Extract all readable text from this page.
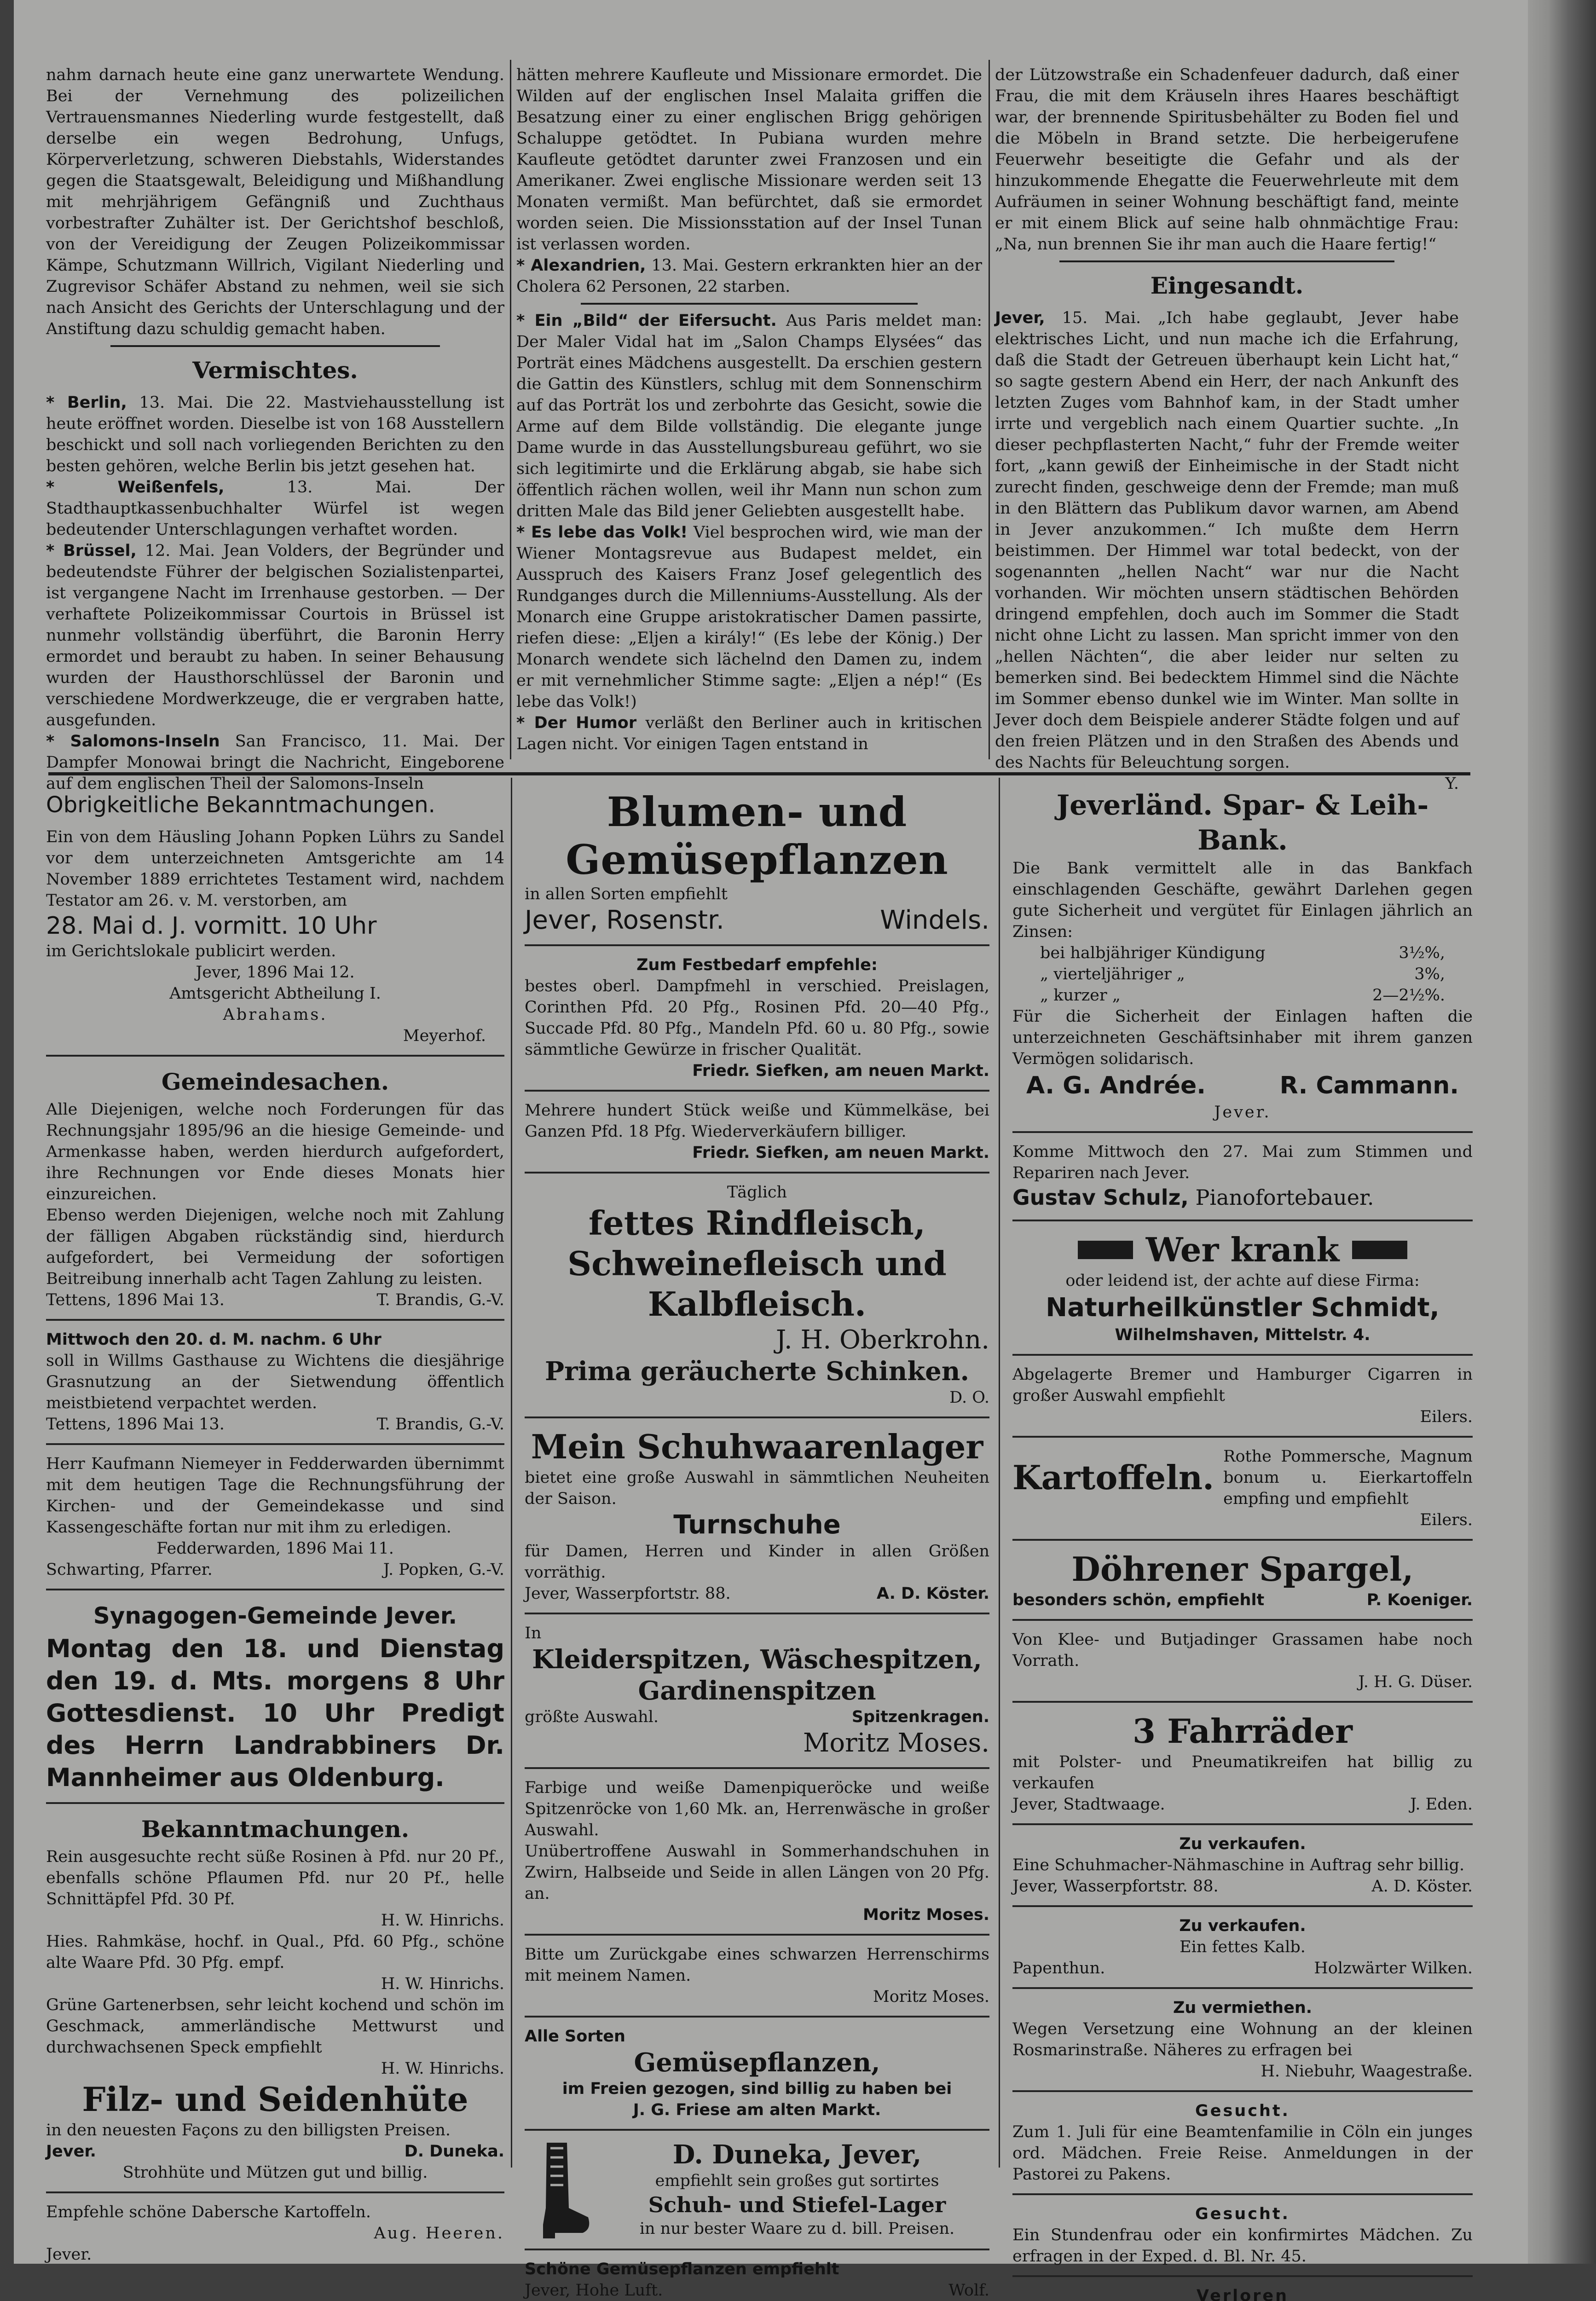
nahm darnach heute eine ganz unerwartete Wendung. Bei der Vernehmung des polizeilichen Vertrauensmannes Niederling wurde festgestellt, daß derselbe ein wegen Bedrohung, Unfugs, Körperverletzung, schweren Diebstahls, Widerstandes gegen die Staatsgewalt, Beleidigung und Mißhandlung mit mehrjährigem Gefängniß und Zuchthaus vorbestrafter Zuhälter ist. Der Gerichtshof beschloß, von der Vereidigung der Zeugen Polizeikommissar Kämpe, Schutzmann Willrich, Vigilant Niederling und Zugrevisor Schäfer Abstand zu nehmen, weil sie sich nach Ansicht des Gerichts der Unterschlagung und der Anstiftung dazu schuldig gemacht haben.

Vermischtes.

* Berlin, 13. Mai. Die 22. Mastviehausstellung ist heute eröffnet worden. Dieselbe ist von 168 Ausstellern beschickt und soll nach vorliegenden Berichten zu den besten gehören, welche Berlin bis jetzt gesehen hat.

* Weißenfels,	13. Mai. Der Stadthauptkassenbuchhalter Würfel ist wegen bedeutender Unterschlagungen verhaftet worden.

* Brüssel, 12. Mai. Jean Volders, der Begründer und bedeutendste Führer der belgischen Sozialistenpartei, ist vergangene Nacht im Irrenhause gestorben. — Der verhaftete Polizeikommissar Courtois in Brüssel ist nunmehr vollständig überführt, die Baronin Herry ermordet und beraubt zu haben. In seiner Behausung wurden der Hausthorschlüssel der Baronin und verschiedene Mordwerkzeuge, die er vergraben hatte, ausgefunden.

* Salomons-Inseln San Francisco, 11. Mai. Der Dampfer Monowai bringt die Nachricht, Eingeborene auf dem englischen Theil der Salomons-Inseln

hätten mehrere Kaufleute und Missionare ermordet. Die Wilden auf der englischen Insel Malaita griffen die Besatzung einer zu einer englischen Brigg gehörigen Schaluppe getödtet. In Pubiana wurden mehre Kaufleute getödtet darunter zwei Franzosen und ein Amerikaner. Zwei englische Missionare werden seit 13 Monaten vermißt. Man befürchtet, daß sie ermordet worden seien. Die Missionsstation auf der Insel Tunan ist verlassen worden.

* Alexandrien, 13. Mai. Gestern erkrankten hier an der Cholera 62 Personen, 22 starben.

* Ein „Bild“ der Eifersucht. Aus Paris meldet man: Der Maler Vidal hat im „Salon Champs Elysées“ das Porträt eines Mädchens ausgestellt. Da erschien gestern die Gattin des Künstlers, schlug mit dem Sonnenschirm auf das Porträt los und zerbohrte das Gesicht, sowie die Arme auf dem Bilde vollständig. Die elegante junge Dame wurde in das Ausstellungsbureau geführt, wo sie sich legitimirte und die Erklärung abgab, sie habe sich öffentlich rächen wollen, weil ihr Mann nun schon zum dritten Male das Bild jener Geliebten ausgestellt habe.

* Es lebe das Volk! Viel besprochen wird, wie man der Wiener Montagsrevue aus Budapest meldet, ein Ausspruch des Kaisers Franz Josef gelegentlich des Rundganges durch die Millenniums-Ausstellung. Als der Monarch eine Gruppe aristokratischer Damen passirte, riefen diese: „Eljen a király!“ (Es lebe der König.) Der Monarch wendete sich lächelnd den Damen zu, indem er mit vernehmlicher Stimme sagte: „Eljen a nép!“ (Es lebe das Volk!)

* Der Humor verläßt den Berliner auch in kritischen Lagen nicht. Vor einigen Tagen entstand in

der Lützowstraße ein Schadenfeuer dadurch, daß einer Frau, die mit dem Kräuseln ihres Haares beschäftigt war, der brennende Spiritusbehälter zu Boden fiel und die Möbeln in Brand setzte. Die herbeigerufene Feuerwehr beseitigte die Gefahr und als der hinzukommende Ehegatte die Feuerwehrleute mit dem Aufräumen in seiner Wohnung beschäftigt fand, meinte er mit einem Blick auf seine halb ohnmächtige Frau: „Na, nun brennen Sie ihr man auch die Haare fertig!“

Eingesandt.

Jever, 15. Mai. „Ich habe geglaubt, Jever habe elektrisches Licht, und nun mache ich die Erfahrung, daß die Stadt der Getreuen überhaupt kein Licht hat,“ so sagte gestern Abend ein Herr, der nach Ankunft des letzten Zuges vom Bahnhof kam, in der Stadt umher irrte und vergeblich nach einem Quartier suchte. „In dieser pechpflasterten Nacht,“ fuhr der Fremde weiter fort, „kann gewiß der Einheimische in der Stadt nicht zurecht finden, geschweige denn der Fremde; man muß in den Blättern das Publikum davor warnen, am Abend in Jever anzukommen.“ Ich mußte dem Herrn beistimmen. Der Himmel war total bedeckt, von der sogenannten „hellen Nacht“ war nur die Nacht vorhanden. Wir möchten unsern städtischen Behörden dringend empfehlen, doch auch im Sommer die Stadt nicht ohne Licht zu lassen. Man spricht immer von den „hellen Nächten“, die aber leider nur selten zu bemerken sind. Bei bedecktem Himmel sind die Nächte im Sommer ebenso dunkel wie im Winter. Man sollte in Jever doch dem Beispiele anderer Städte folgen und auf den freien Plätzen und in den Straßen des Abends und des Nachts für Beleuchtung sorgen.

Y.

Obrigkeitliche Bekanntmachungen.

Ein von dem Häusling Johann Popken Lührs zu Sandel vor dem unterzeichneten Amtsgerichte am 14 November 1889 errichtetes Testament wird, nachdem Testator am 26. v. M. verstorben, am

28. Mai d. J. vormitt. 10 Uhr

im Gerichtslokale publicirt werden.

Jever, 1896 Mai 12.

Amtsgericht Abtheilung I.

Abrahams.

Meyerhof.

Gemeindesachen.

Alle Diejenigen, welche noch Forderungen für das Rechnungsjahr 1895/96 an die hiesige Gemeinde- und Armenkasse haben, werden hierdurch aufgefordert, ihre Rechnungen vor Ende dieses Monats hier einzureichen.

Ebenso werden Diejenigen, welche noch mit Zahlung der fälligen Abgaben rückständig sind, hierdurch aufgefordert, bei Vermeidung der sofortigen Beitreibung innerhalb acht Tagen Zahlung zu leisten.

Tettens, 1896 Mai 13.	T. Brandis, G.-V.

Mittwoch den 20. d. M. nachm. 6 Uhr

soll in Willms Gasthause zu Wichtens die diesjährige Grasnutzung an der Sietwendung öffentlich meistbietend verpachtet werden.

Tettens, 1896 Mai 13.	T. Brandis, G.-V.

Herr Kaufmann Niemeyer in Fedderwarden übernimmt mit dem heutigen Tage die Rechnungsführung der Kirchen- und der Gemeindekasse und sind Kassengeschäfte fortan nur mit ihm zu erledigen.

Fedderwarden, 1896 Mai 11.

Schwarting, Pfarrer.	J. Popken, G.-V.
Synagogen-Gemeinde Jever.

Montag den 18. und Dienstag den 19. d. Mts. morgens 8 Uhr Gottesdienst. 10 Uhr Predigt des Herrn Landrabbiners Dr. Mannheimer aus Oldenburg.

Bekanntmachungen.

Rein ausgesuchte recht süße Rosinen à Pfd. nur 20 Pf., ebenfalls schöne Pflaumen Pfd. nur 20 Pf., helle Schnittäpfel Pfd. 30 Pf.

H. W. Hinrichs.

Hies. Rahmkäse, hochf. in Qual., Pfd. 60 Pfg., schöne alte Waare Pfd. 30 Pfg. empf.

H. W. Hinrichs.

Grüne Gartenerbsen, sehr leicht kochend und schön im Geschmack, ammerländische Mettwurst und durchwachsenen Speck empfiehlt

H. W. Hinrichs.

Filz- und Seidenhüte

in den neuesten Façons zu den billigsten Preisen.

Jever.	D. Duneka.

Strohhüte und Mützen gut und billig.

Empfehle schöne Dabersche Kartoffeln.

Aug. Heeren.

Jever.

Blumen- und
Gemüsepflanzen

in allen Sorten empfiehlt

Jever, Rosenstr.	Windels.

Zum Festbedarf empfehle:

bestes oberl. Dampfmehl in verschied. Preislagen, Corinthen Pfd. 20 Pfg., Rosinen Pfd. 20—40 Pfg., Succade Pfd. 80 Pfg., Mandeln Pfd. 60 u. 80 Pfg., sowie sämmtliche Gewürze in frischer Qualität.

Friedr. Siefken, am neuen Markt.

Mehrere hundert Stück weiße und Kümmelkäse, bei Ganzen Pfd. 18 Pfg. Wiederverkäufern billiger.

Friedr. Siefken, am neuen Markt.

Täglich

fettes Rindfleisch,
Schweinefleisch und
Kalbfleisch.

J. H. Oberkrohn.

Prima geräucherte Schinken.

D. O.

Mein Schuhwaarenlager

bietet eine große Auswahl in sämmtlichen Neuheiten der Saison.

Turnschuhe

für Damen, Herren und Kinder in allen Größen vorräthig.

Jever, Wasserpfortstr. 88.	A. D. Köster.

In

Kleiderspitzen, Wäschespitzen,
Gardinenspitzen
größte Auswahl.	Spitzenkragen.

Moritz Moses.

Farbige und weiße Damenpiqueröcke und weiße Spitzenröcke von 1,60 Mk. an, Herrenwäsche in großer Auswahl.

Unübertroffene Auswahl in Sommerhandschuhen in Zwirn, Halbseide und Seide in allen Längen von 20 Pfg. an.

Moritz Moses.

Bitte um Zurückgabe eines schwarzen Herrenschirms mit meinem Namen.

Moritz Moses.

Alle Sorten

Gemüsepflanzen,

im Freien gezogen, sind billig zu haben bei

J. G. Friese am alten Markt.

D. Duneka, Jever,

empfiehlt sein großes gut sortirtes

Schuh- und Stiefel-Lager

in nur bester Waare zu d. bill. Preisen.

Schöne Gemüsepflanzen empfiehlt

Jever, Hohe Luft.	Wolf.
Jeverländ. Spar- & Leih-Bank.

Die Bank vermittelt alle in das Bankfach einschlagenden Geschäfte, gewährt Darlehen gegen gute Sicherheit und vergütet für Einlagen jährlich an Zinsen:

bei halbjähriger Kündigung	3½%,
„ vierteljähriger „	3%,
„ kurzer „	2—2½%.

Für die Sicherheit der Einlagen haften die unterzeichneten Geschäftsinhaber mit ihrem ganzen Vermögen solidarisch.

A. G. Andrée.	R. Cammann.

Jever.

Komme Mittwoch den 27. Mai zum Stimmen und Repariren nach Jever.

Gustav Schulz, Pianofortebauer.
Wer krank

oder leidend ist, der achte auf diese Firma:

Naturheilkünstler Schmidt,

Wilhelmshaven, Mittelstr. 4.

Abgelagerte Bremer und Hamburger Cigarren in großer Auswahl empfiehlt

Eilers.

Kartoffeln.
Rothe Pommersche, Magnum bonum u. Eierkartoffeln empfing und empfiehlt

Eilers.

Döhrener Spargel,
besonders schön, empfiehlt	P. Koeniger.

Von Klee- und Butjadinger Grassamen habe noch Vorrath.

J. H. G. Düser.

3 Fahrräder

mit Polster- und Pneumatikreifen hat billig zu verkaufen

Jever, Stadtwaage.	J. Eden.

Zu verkaufen.

Eine Schuhmacher-Nähmaschine in Auftrag sehr billig.

Jever, Wasserpfortstr. 88.	A. D. Köster.

Zu verkaufen.

Ein fettes Kalb.

Papenthun.	Holzwärter Wilken.

Zu vermiethen.

Wegen Versetzung eine Wohnung an der kleinen Rosmarinstraße. Näheres zu erfragen bei

H. Niebuhr, Waagestraße.

Gesucht.

Zum 1. Juli für eine Beamtenfamilie in Cöln ein junges ord. Mädchen. Freie Reise. Anmeldungen in der Pastorei zu Pakens.

Gesucht.

Ein Stundenfrau oder ein konfirmirtes Mädchen. Zu erfragen in der Exped. d. Bl. Nr. 45.

Verloren
